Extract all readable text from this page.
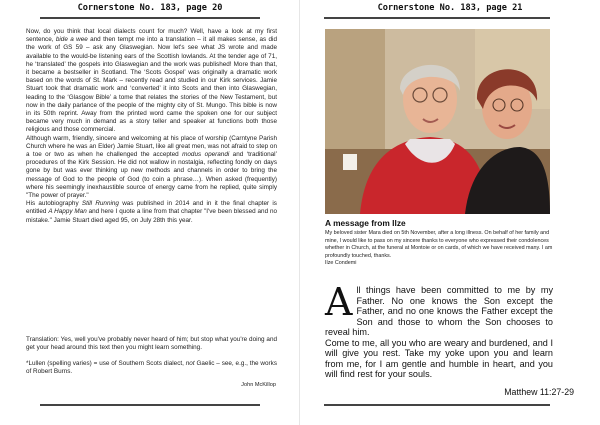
Cornerstone No. 183, page 20

Now, do you think that local dialects count for much? Well, have a look at my first sentence, bide a wee and then tempt me into a translation – it all makes sense, as did the work of GS 59 – ask any Glaswegian. Now let's see what JS wrote and made available to the would-be listening ears of the Scottish lowlands. At the tender age of 71, he ‘translated’ the gospels into Glaswegian and the work was published! More than that, it became a bestseller in Scotland. The ‘Scots Gospel’ was originally a dramatic work based on the words of St. Mark – recently read and studied in our Kirk services. Jamie Stuart took that dramatic work and ‘converted’ it into Scots and then into Glaswegian, leading to the ‘Glasgow Bible’ a tome that relates the stories of the New Testament, but now in the daily parlance of the people of the mighty city of St. Mungo. This bible is now in its 50th reprint. Away from the printed word came the spoken one for our subject became very much in demand as a story teller and speaker at functions both those religious and those commercial.

Although warm, friendly, sincere and welcoming at his place of worship (Carntyne Parish Church where he was an Elder) Jamie Stuart, like all great men, was not afraid to step on a toe or two as when he challenged the accepted modus operandi and ‘traditional’ procedures of the Kirk Session. He did not wallow in nostalgia, reflecting fondly on days gone by but was ever thinking up new methods and channels in order to bring the message of God to the people of God (to coin a phrase…). When asked (frequently) where his seemingly inexhaustible source of energy came from he replied, quite simply "The power of prayer."

His autobiography Still Running was published in 2014 and in it the final chapter is entitled A Happy Man and here I quote a line from that chapter "I've been blessed and no mistake." Jamie Stuart died aged 95, on July 28th this year.

Translation: Yes, well you've probably never heard of him; but stop what you're doing and get your head around this text then you might learn something.

*Lullen (spelling varies) = use of Southern Scots dialect, not Gaelic – see, e.g., the works of Robert Burns.

John McKillop
Cornerstone No. 183, page 21
A message from Ilze

My beloved sister Mara died on 5th November, after a long illness. On behalf of her family and mine, I would like to pass on my sincere thanks to everyone who expressed their condolences whether in Church, at the funeral at Montoie or on cards, of which we have received many. I am profoundly touched, thanks.

Ilze Condemi

A ll things have been committed to me by my Father. No one knows the Son except the Father, and no one knows the Father except the Son and those to whom the Son chooses to reveal him.

Come to me, all you who are weary and burdened, and I will give you rest. Take my yoke upon you and learn from me, for I am gentle and humble in heart, and you will find rest for your souls.

Matthew 11:27-29
